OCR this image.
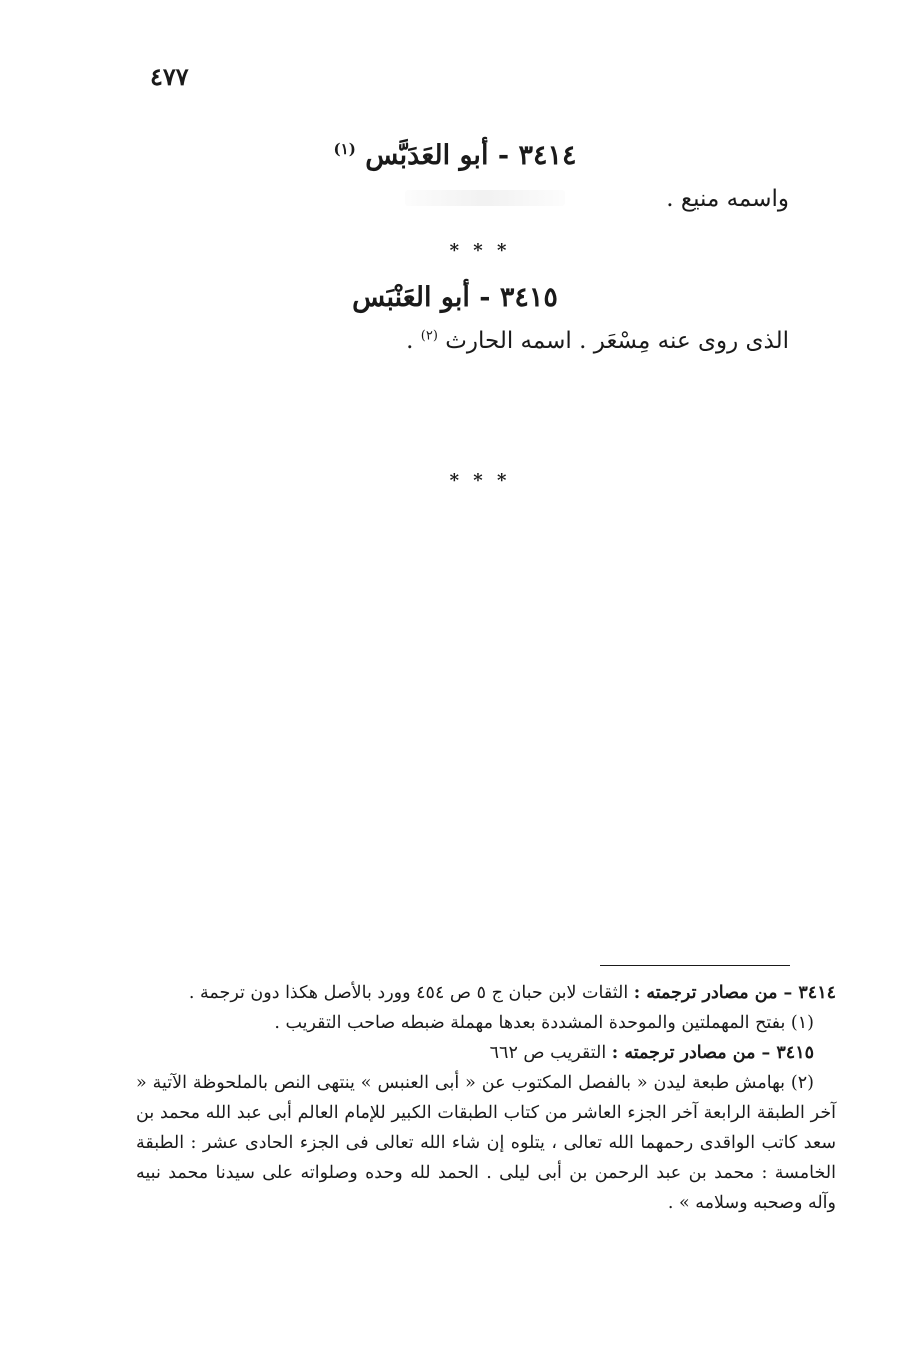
٤٧٧
٣٤١٤ - أبو العَدَبَّس $^{(١)}$
واسمه منيع .
* * *
٣٤١٥ - أبو العَنْبَس
الذى روى عنه مِسْعَر . اسمه الحارث $^{(٢)}$ .
* * *

٣٤١٤ – من مصادر ترجمته : الثقات لابن حبان ج ٥ ص ٤٥٤ وورد بالأصل هكذا دون ترجمة .

(١) بفتح المهملتين والموحدة المشددة بعدها مهملة ضبطه صاحب التقريب .

٣٤١٥ – من مصادر ترجمته : التقريب ص ٦٦٢

(٢) بهامش طبعة ليدن « بالفصل المكتوب عن « أبى العنبس » ينتهى النص بالملحوظة الآتية « آخر الطبقة الرابعة آخر الجزء العاشر من كتاب الطبقات الكبير للإمام العالم أبى عبد الله محمد بن سعد كاتب الواقدى رحمهما الله تعالى ، يتلوه إن شاء الله تعالى فى الجزء الحادى عشر : الطبقة الخامسة : محمد بن عبد الرحمن بن أبى ليلى . الحمد لله وحده وصلواته على سيدنا محمد نبيه وآله وصحبه وسلامه » .
